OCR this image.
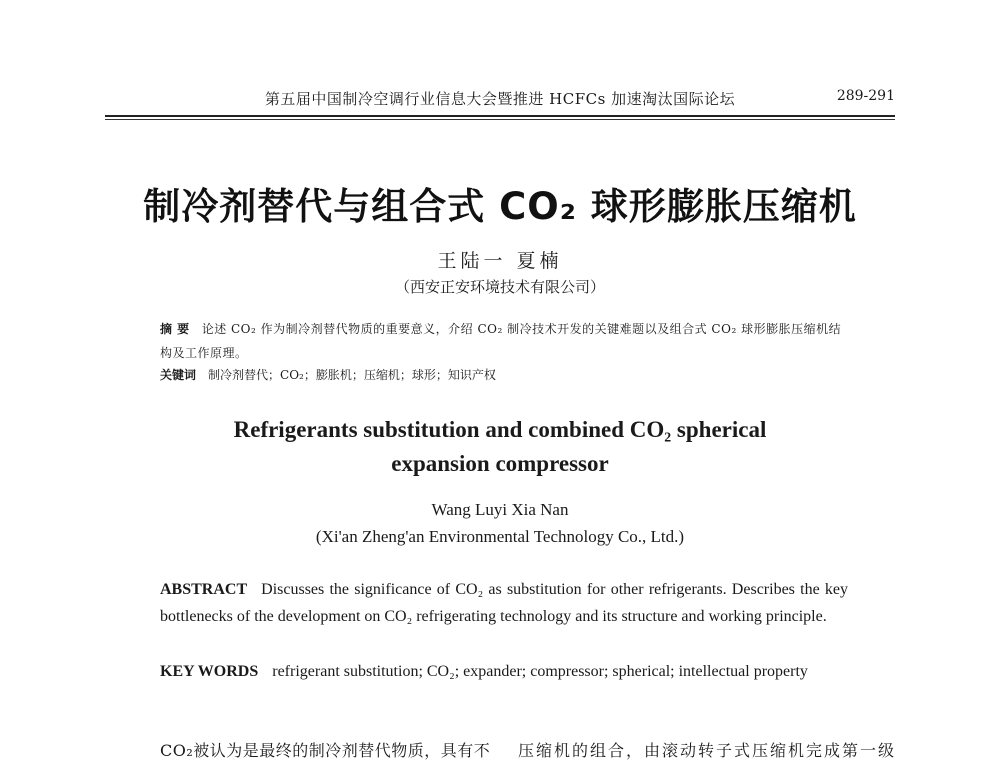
第五届中国制冷空调行业信息大会暨推进 HCFCs 加速淘汰国际论坛	289-291
制冷剂替代与组合式 CO₂ 球形膨胀压缩机
王陆一 夏楠
（西安正安环境技术有限公司）
摘 要 论述 CO₂ 作为制冷剂替代物质的重要意义，介绍 CO₂ 制冷技术开发的关键难题以及组合式 CO₂ 球形膨胀压缩机结构及工作原理。
关键词 制冷剂替代；CO₂；膨胀机；压缩机；球形；知识产权
Refrigerants substitution and combined CO₂ spherical
expansion compressor
Wang Luyi Xia Nan
(Xi'an Zheng'an Environmental Technology Co., Ltd.)
ABSTRACT Discusses the significance of CO₂ as substitution for other refrigerants. Describes the key bottlenecks of the development on CO₂ refrigerating technology and its structure and working principle.
KEY WORDS refrigerant substitution; CO₂; expander; compressor; spherical; intellectual property
CO₂被认为是最终的制冷剂替代物质，具有不	压缩机的组合，由滚动转子式压缩机完成第一级
